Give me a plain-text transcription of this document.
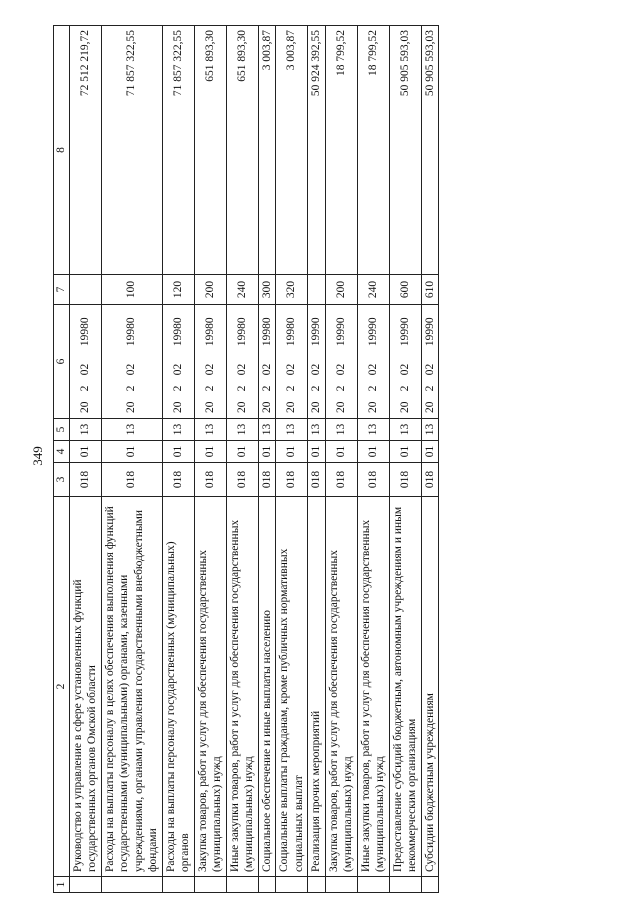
349
1	2	3	4	5	6				7	8
	Руководство и управление в сфере установленных функций государственных органов Омской области	018	01	13	20	2	02	19980		72 512 219,72
	Расходы на выплаты персоналу в целях обеспечения выполнения функций государственными (муниципальными) органами, казенными учреждениями, органами управления государственными внебюджетными фондами	018	01	13	20	2	02	19980	100	71 857 322,55
	Расходы на выплаты персоналу государственных (муниципальных) органов	018	01	13	20	2	02	19980	120	71 857 322,55
	Закупка товаров, работ и услуг для обеспечения государственных (муниципальных) нужд	018	01	13	20	2	02	19980	200	651 893,30
	Иные закупки товаров, работ и услуг для обеспечения государственных (муниципальных) нужд	018	01	13	20	2	02	19980	240	651 893,30
	Социальное обеспечение и иные выплаты населению	018	01	13	20	2	02	19980	300	3 003,87
	Социальные выплаты гражданам, кроме публичных нормативных социальных выплат	018	01	13	20	2	02	19980	320	3 003,87
	Реализация прочих мероприятий	018	01	13	20	2	02	19990		50 924 392,55
	Закупка товаров, работ и услуг для обеспечения государственных (муниципальных) нужд	018	01	13	20	2	02	19990	200	18 799,52
	Иные закупки товаров, работ и услуг для обеспечения государственных (муниципальных) нужд	018	01	13	20	2	02	19990	240	18 799,52
	Предоставление субсидий бюджетным, автономным учреждениям и иным некоммерческим организациям	018	01	13	20	2	02	19990	600	50 905 593,03
	Субсидии бюджетным учреждениям	018	01	13	20	2	02	19990	610	50 905 593,03
